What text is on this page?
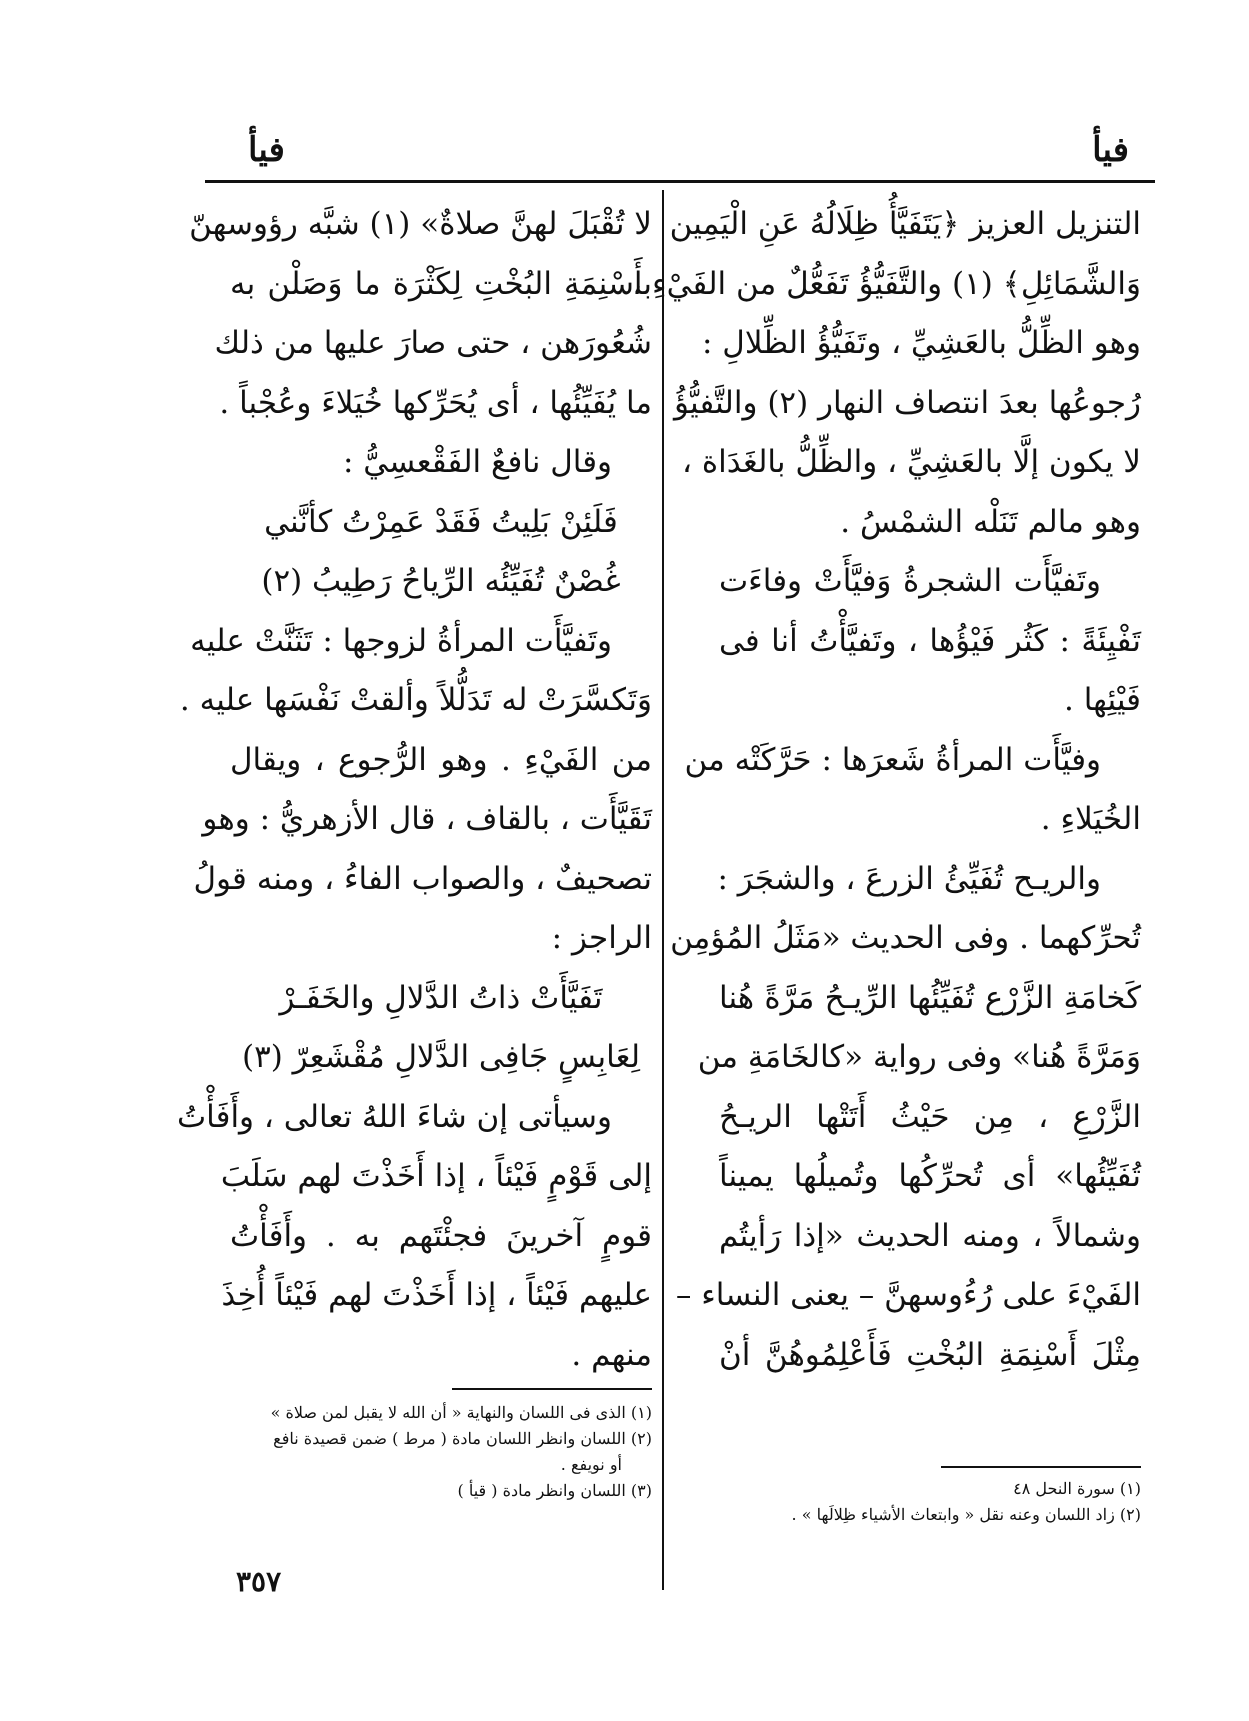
فيأ
فيأ
التنزيل العزيز ﴿يَتَفَيَّأُ ظِلَالُهُ عَنِ الْيَمِين
وَالشَّمَائِلِ﴾ (١) والتَّفَيُّؤُ تَفَعُّلٌ من الفَيْءِ ،
وهو الظِّلُّ بالعَشِيِّ ، وتَفَيُّؤُ الظِّلالِ :
رُجوعُها بعدَ انتصاف النهار (٢) والتَّفيُّؤُ
لا يكون إلَّا بالعَشِيِّ ، والظِّلُّ بالغَدَاة ،
وهو مالم تَنَلْه الشمْسُ .
وتَفيَّأَت الشجرةُ وَفيَّأَتْ وفاءَت
تَفْيِئَةً : كَثُر فَيْؤُها ، وتَفيَّأْتُ أنا فى
فَيْئِها .
وفيَّأَت المرأةُ شَعرَها : حَرَّكَتْه من
الخُيَلاءِ .
والريـح تُفَيِّئُ الزرعَ ، والشجَرَ :
تُحرِّكهما . وفى الحديث «مَثَلُ المُؤمِن
كَخامَةِ الزَّرْع تُفَيِّئُها الرِّيـحُ مَرَّةً هُنا
وَمَرَّةً هُنا» وفى رواية «كالخَامَةِ من
الزَّرْعِ ، مِن حَيْثُ أَتَتْها الريـحُ
تُفَيِّئُها» أى تُحرِّكُها وتُميلُها يميناً
وشمالاً ، ومنه الحديث «إذا رَأيتُم
الفَيْءَ على رُءُوسهنَّ – يعنى النساء –
مِثْلَ أَسْنِمَةِ البُخْتِ فَأَعْلِمُوهُنَّ أنْ
لا تُقْبَلَ لهنَّ صلاةٌ» (١) شبَّه رؤوسهنّ
بأَسْنِمَةِ البُخْتِ لِكَثْرَة ما وَصَلْن به
شُعُورَهن ، حتى صارَ عليها من ذلك
ما يُفَيِّئُها ، أى يُحَرِّكها خُيَلاءَ وعُجْباً .
وقال نافعٌ الفَقْعسِيُّ :
فَلَئِنْ بَلِيتُ فَقَدْ عَمِرْتُ كأنَّني
غُصْنٌ تُفَيِّئُه الرِّياحُ رَطِيبُ (٢)
وتَفيَّأَت المرأةُ لزوجها : تَثَنَّتْ عليه
وَتَكسَّرَتْ له تَدَلُّلاً وألقتْ نَفْسَها عليه .
من الفَيْءِ . وهو الرُّجوع ، ويقال
تَقَيَّأَت ، بالقاف ، قال الأزهريُّ : وهو
تصحيفٌ ، والصواب الفاءُ ، ومنه قولُ
الراجز :
تَفَيَّأَتْ ذاتُ الدَّلالِ والخَفَـرْ
لِعَابِسٍ جَافِى الدَّلالِ مُقْشَعِرّ (٣)
وسيأتى إن شاءَ اللهُ تعالى ، وأَفَأْتُ
إلى قَوْمٍ فَيْئاً ، إذا أَخَذْتَ لهم سَلَبَ
قومٍ آخرينَ فجئْتَهم به . وأَفَأْتُ
عليهم فَيْئاً ، إذا أَخَذْتَ لهم فَيْئاً أُخِذَ
منهم .
(١) سورة النحل ٤٨
(٢) زاد اللسان وعنه نقل « وابتعاث الأشياء ظِلالَها » .
(١) الذى فى اللسان والنهاية « أن الله لا يقبل لمن صلاة »
(٢) اللسان وانظر اللسان مادة ( مرط ) ضمن قصيدة نافع
أو نويفع .
(٣) اللسان وانظر مادة ( قيأ )
٣٥٧
